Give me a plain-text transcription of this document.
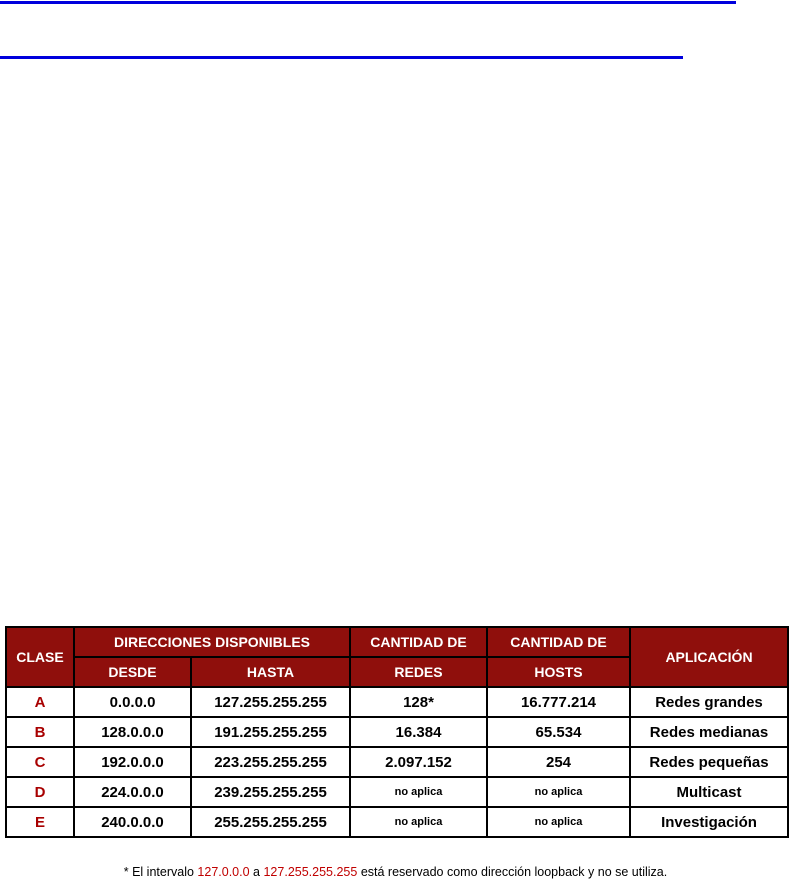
CLASE	DIRECCIONES DISPONIBLES		CANTIDAD DE	CANTIDAD DE	APLICACIÓN
	DESDE	HASTA	REDES	HOSTS	
A	0.0.0.0	127.255.255.255	128*	16.777.214	Redes grandes
B	128.0.0.0	191.255.255.255	16.384	65.534	Redes medianas
C	192.0.0.0	223.255.255.255	2.097.152	254	Redes pequeñas
D	224.0.0.0	239.255.255.255	no aplica	no aplica	Multicast
E	240.0.0.0	255.255.255.255	no aplica	no aplica	Investigación
* El intervalo 127.0.0.0 a 127.255.255.255 está reservado como dirección loopback y no se utiliza.
